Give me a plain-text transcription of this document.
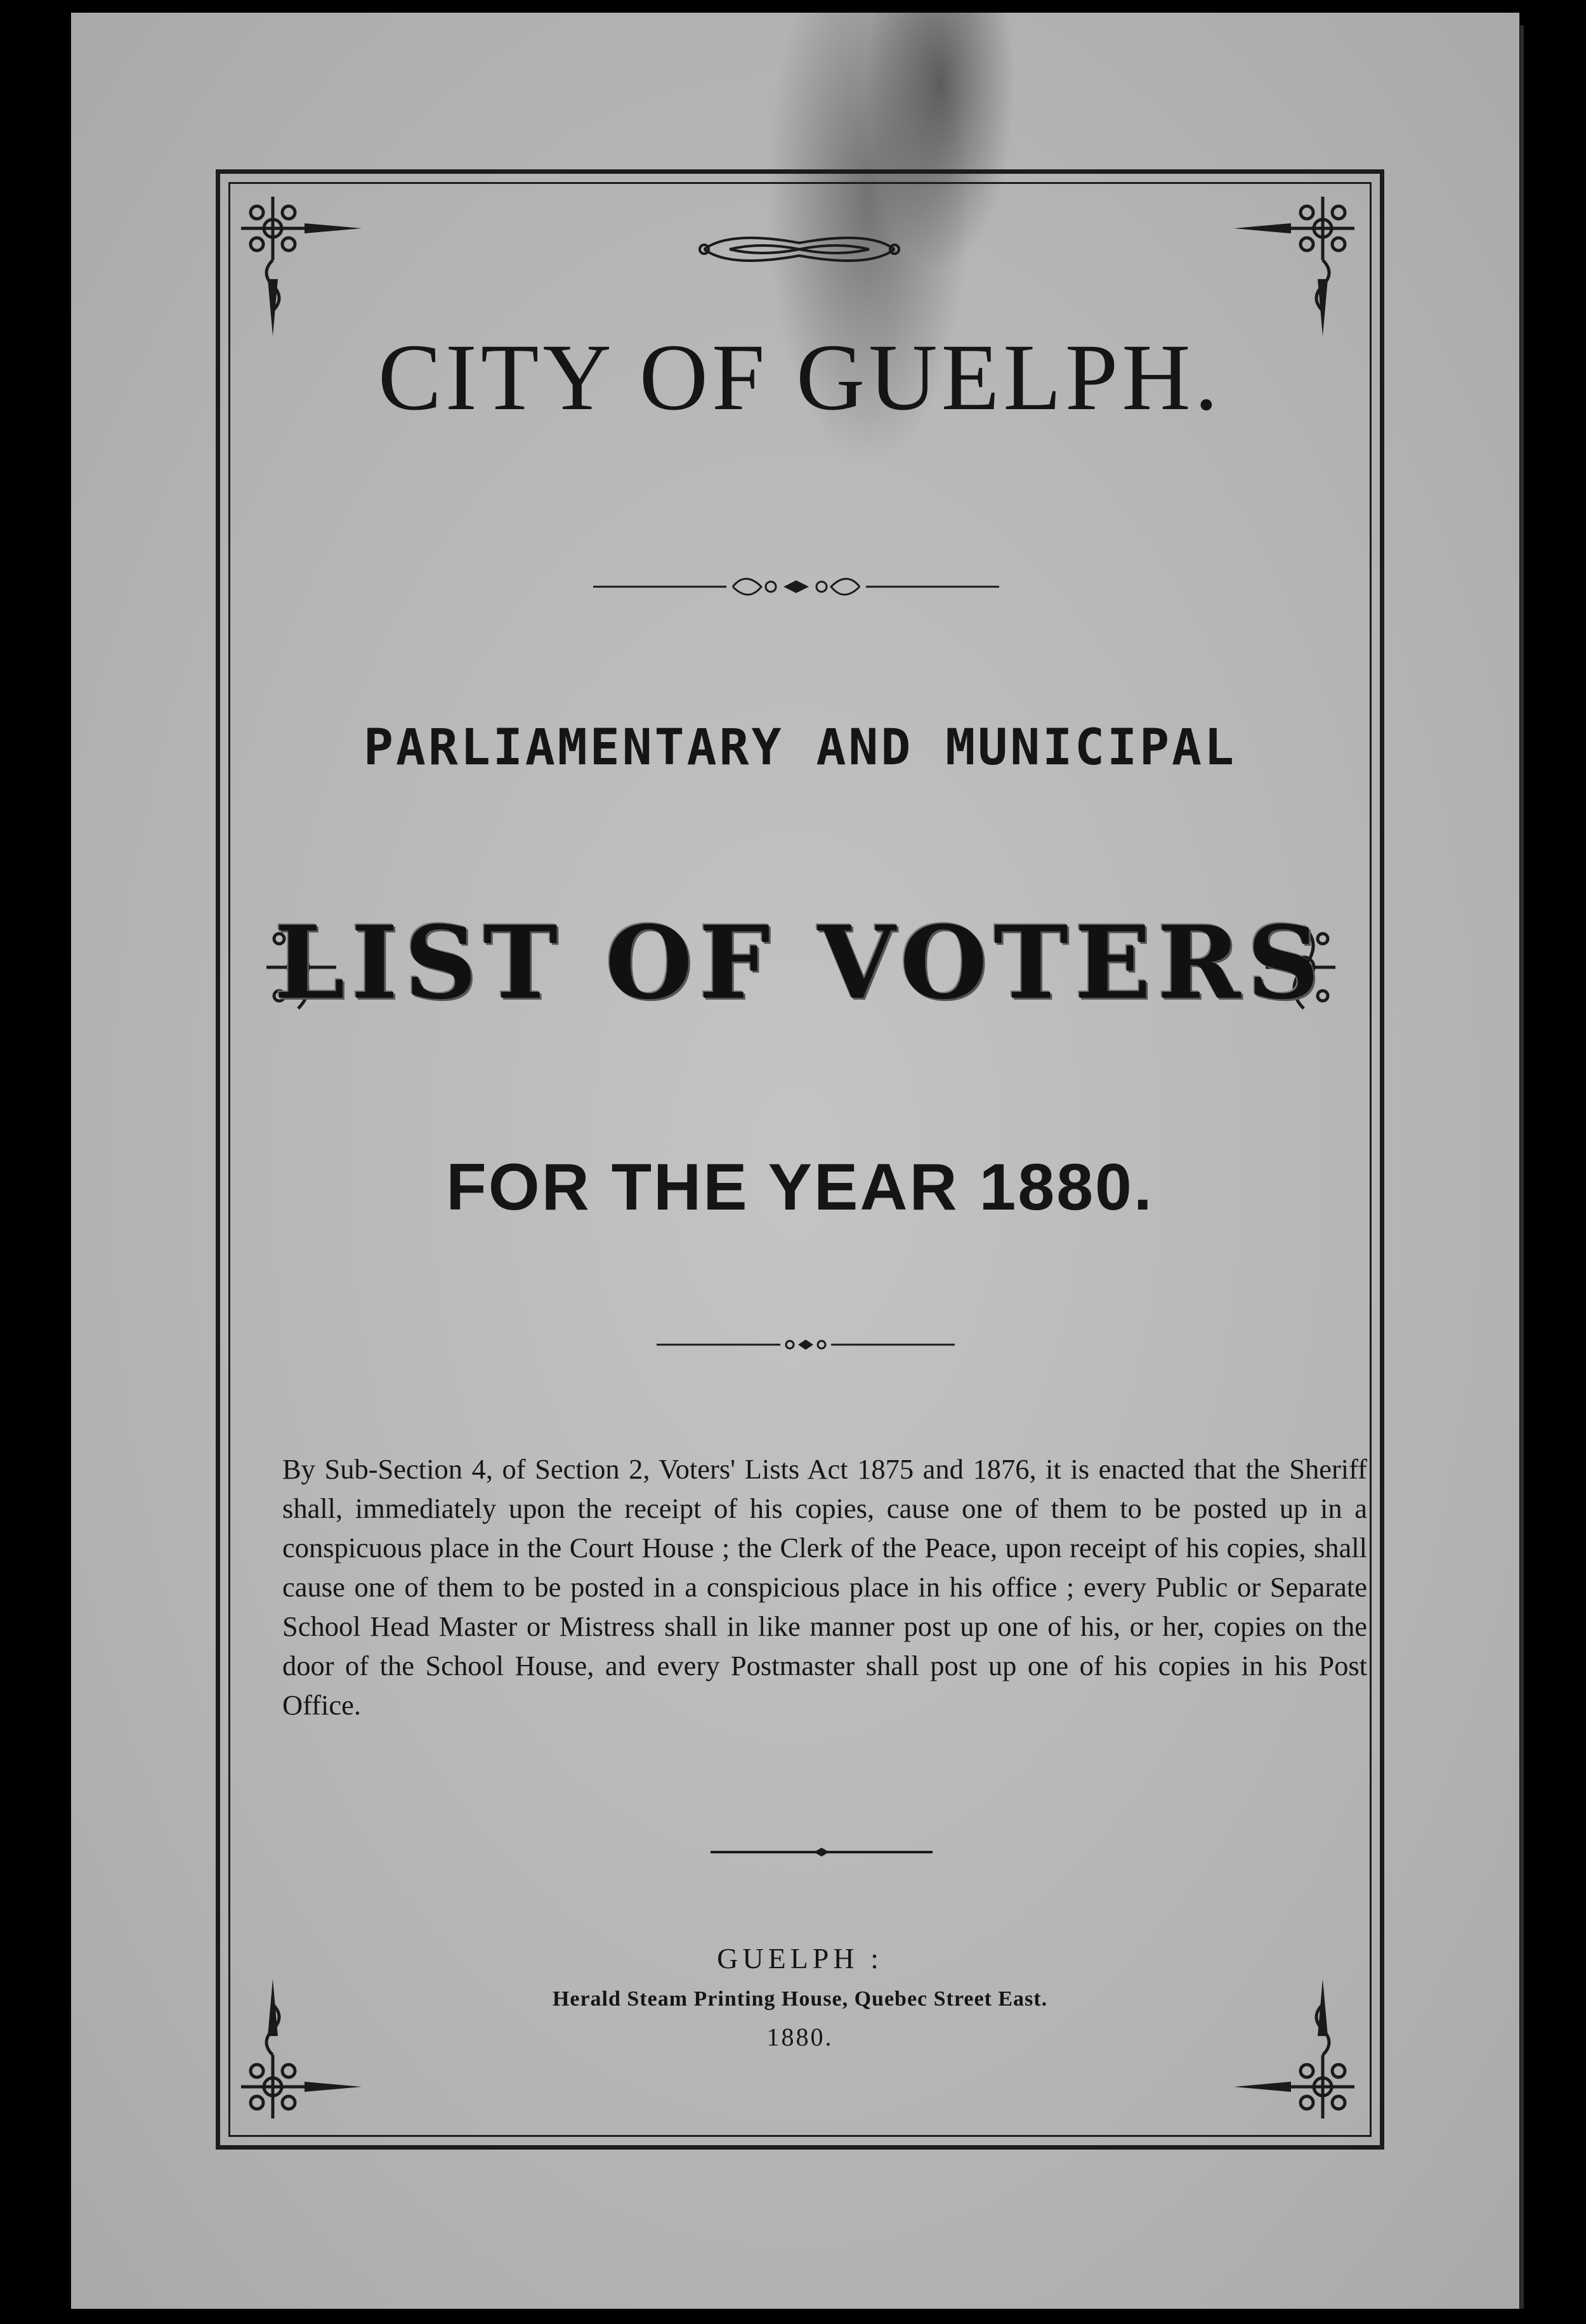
CITY OF GUELPH.
PARLIAMENTARY AND MUNICIPAL
LIST OF VOTERS
FOR THE YEAR 1880.

By Sub-Section 4, of Section 2, Voters' Lists Act 1875 and 1876, it is enacted that the Sheriff shall, immediately upon the receipt of his copies, cause one of them to be posted up in a conspicuous place in the Court House ; the Clerk of the Peace, upon receipt of his copies, shall cause one of them to be posted in a conspicious place in his office ; every Public or Separate School Head Master or Mistress shall in like manner post up one of his, or her, copies on the door of the School House, and every Postmaster shall post up one of his copies in his Post Office.

GUELPH :
Herald Steam Printing House, Quebec Street East.
1880.
